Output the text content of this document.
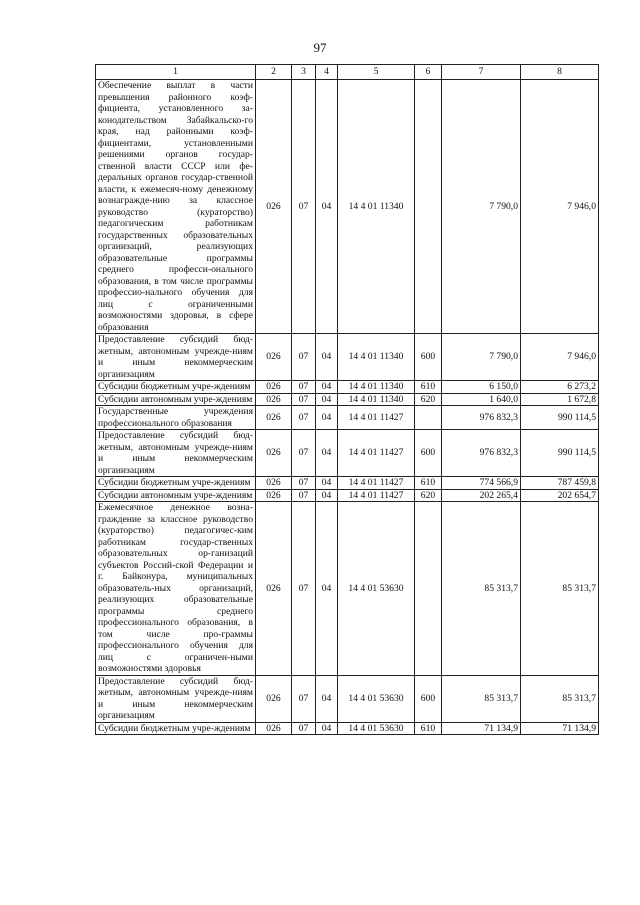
97
1	2	3	4	5	6	7	8
Обеспечение выплат в части превышения районного коэф-фициента, установленного за-конодательством Забайкальско-го края, над районными коэф-фициентами, установленными решениями органов государ-ственной власти СССР или фе-деральных органов государ-ственной власти, к ежемесяч-ному денежному вознагражде-нию за классное руководство (кураторство) педагогическим работникам государственных образовательных организаций, реализующих образовательные программы среднего професси-онального образования, в том числе программы профессио-нального обучения для лиц с ограниченными возможностями здоровья, в сфере образования	026	07	04	14 4 01 11340		7 790,0	7 946,0
Предоставление субсидий бюд-жетным, автономным учрежде-ниям и иным некоммерческим организациям	026	07	04	14 4 01 11340	600	7 790,0	7 946,0
Субсидии бюджетным учре-ждениям	026	07	04	14 4 01 11340	610	6 150,0	6 273,2
Субсидии автономным учре-ждениям	026	07	04	14 4 01 11340	620	1 640,0	1 672,8
Государственные учреждения профессионального образования	026	07	04	14 4 01 11427		976 832,3	990 114,5
Предоставление субсидий бюд-жетным, автономным учрежде-ниям и иным некоммерческим организациям	026	07	04	14 4 01 11427	600	976 832,3	990 114,5
Субсидии бюджетным учре-ждениям	026	07	04	14 4 01 11427	610	774 566,9	787 459,8
Субсидии автономным учре-ждениям	026	07	04	14 4 01 11427	620	202 265,4	202 654,7
Ежемесячное денежное возна-граждение за классное руководство (кураторство) педагогичес-ким работникам государ-ственных образовательных ор-ганизаций субъектов Россий-ской Федерации и г. Байконура, муниципальных образователь-ных организаций, реализующих образовательные программы среднего профессионального образования, в том числе про-граммы профессионального обучения для лиц с ограничен-ными возможностями здоровья	026	07	04	14 4 01 53630		85 313,7	85 313,7
Предоставление субсидий бюд-жетным, автономным учрежде-ниям и иным некоммерческим организациям	026	07	04	14 4 01 53630	600	85 313,7	85 313,7
Субсидии бюджетным учре-ждениям	026	07	04	14 4 01 53630	610	71 134,9	71 134,9
